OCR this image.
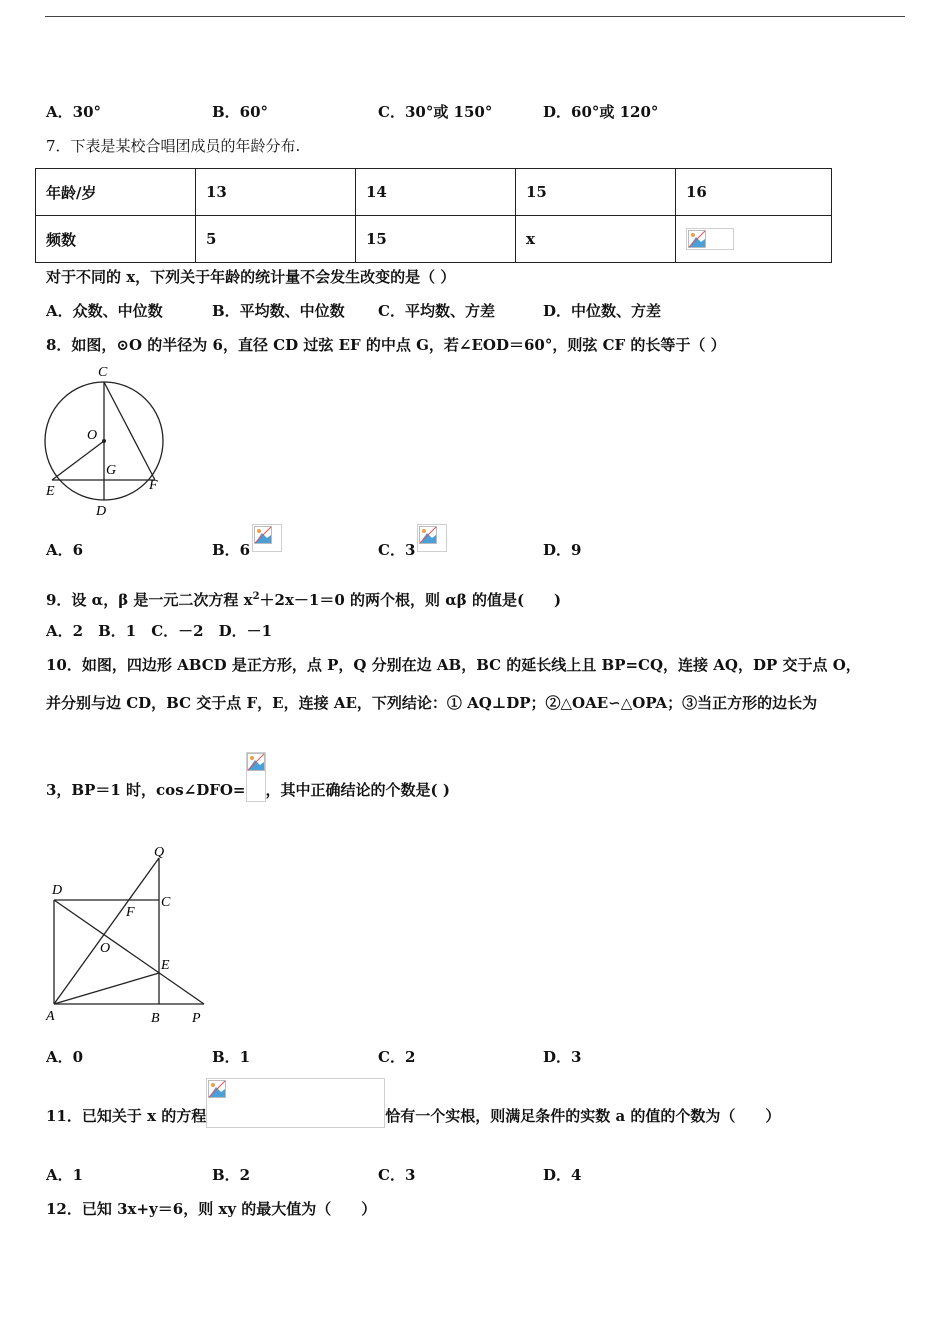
A．30°	B．60°	C．30°或 150°	D．60°或 120°
7．下表是某校合唱团成员的年龄分布.
年龄/岁	13	14	15	16
频数	5	15	x	
对于不同的 x，下列关于年龄的统计量不会发生改变的是（ ）
A．众数、中位数	B．平均数、中位数 C．平均数、方差	D．中位数、方差
8．如图，⊙O 的半径为 6，直径 CD 过弦 EF 的中点 G，若∠EOD＝60°，则弦 CF 的长等于（ ）
C
O
G
E	F
D
A．6	B．6	C．3	D．9
9．设 α，β 是一元二次方程 $x^2+2x-1=0$ 的两个根，则 αβ 的值是(　　)
A．2　B．1　C．－2　D．－1
10．如图，四边形 ABCD 是正方形，点 P，Q 分别在边 AB，BC 的延长线上且 BP=CQ，连接 AQ，DP 交于点 O，
并分别与边 CD，BC 交于点 F，E，连接 AE，下列结论：① AQ⊥DP；②△OAE∽△OPA；③当正方形的边长为
3，BP＝1 时，cos∠DFO= ，其中正确结论的个数是( )
Q
D
C
F
O
E
A	B P
A．0	B．1	C．2	D．3
11．已知关于 x 的方程	恰有一个实根，则满足条件的实数 a 的值的个数为（　　）
A．1	B．2	C．3	D．4
12．已知 3x+y＝6，则 xy 的最大值为（　　）
